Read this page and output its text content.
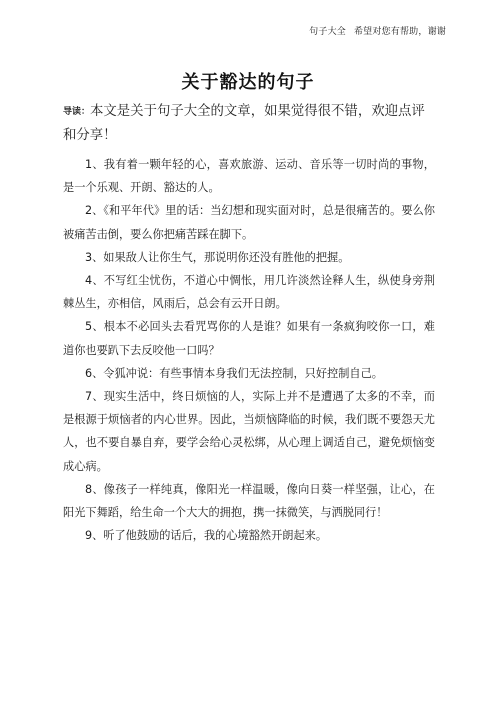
句子大全 希望对您有帮助，谢谢
关于豁达的句子
导读：本文是关于句子大全的文章，如果觉得很不错，欢迎点评和分享！

1、我有着一颗年轻的心，喜欢旅游、运动、音乐等一切时尚的事物，是一个乐观、开朗、豁达的人。

2、《和平年代》里的话：当幻想和现实面对时，总是很痛苦的。要么你被痛苦击倒，要么你把痛苦踩在脚下。

3、如果敌人让你生气，那说明你还没有胜他的把握。

4、不写红尘忧伤，不道心中惆怅，用几许淡然诠释人生，纵使身旁荆棘丛生，亦相信，风雨后，总会有云开日朗。

5、根本不必回头去看咒骂你的人是谁？如果有一条疯狗咬你一口，难道你也要趴下去反咬他一口吗？

6、令狐冲说：有些事情本身我们无法控制，只好控制自己。

7、现实生活中，终日烦恼的人，实际上并不是遭遇了太多的不幸，而是根源于烦恼者的内心世界。因此，当烦恼降临的时候，我们既不要怨天尤人，也不要自暴自弃，要学会给心灵松绑，从心理上调适自己，避免烦恼变成心病。

8、像孩子一样纯真，像阳光一样温暖，像向日葵一样坚强，让心，在阳光下舞蹈，给生命一个大大的拥抱，携一抹微笑，与洒脱同行！

9、听了他鼓励的话后，我的心境豁然开朗起来。
